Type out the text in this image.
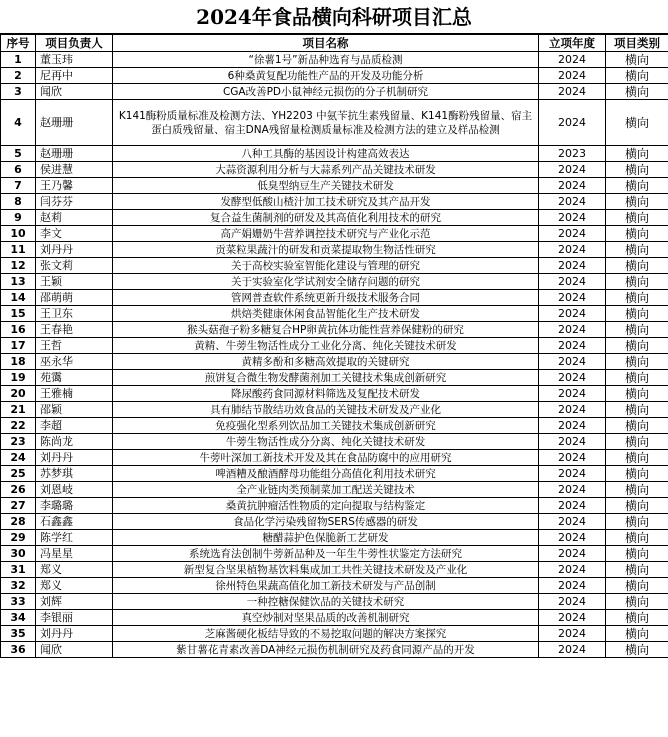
2024年食品横向科研项目汇总
序号	项目负责人	项目名称	立项年度	项目类别
1	董玉玮	“徐薯1号”新品种选育与品质检测	2024	横向
2	尼再中	6种桑黄复配功能性产品的开发及功能分析	2024	横向
3	闻欣	CGA改善PD小鼠神经元损伤的分子机制研究	2024	横向
4	赵珊珊	K141酶粉质量标准及检测方法、YH2203 中氨苄抗生素残留量、K141酶粉残留量、宿主蛋白质残留量、宿主DNA残留量检测质量标准及检测方法的建立及样品检测	2024	横向
5	赵珊珊	八种工具酶的基因设计构建高效表达	2023	横向
6	侯进慧	大蒜资源利用分析与大蒜系列产品关键技术研发	2024	横向
7	王乃馨	低臭型纳豆生产关键技术研发	2024	横向
8	闫芬芬	发酵型低酸山楂汁加工技术研究及其产品开发	2024	横向
9	赵莉	复合益生菌制剂的研发及其高值化利用技术的研究	2024	横向
10	李文	高产娟姗奶牛营养调控技术研究与产业化示范	2024	横向
11	刘丹丹	贡菜粒果蔬汁的研发和贡菜提取物生物活性研究	2024	横向
12	张文莉	关于高校实验室智能化建设与管理的研究	2024	横向
13	王颖	关于实验室化学试剂安全储存问题的研究	2024	横向
14	邵萌萌	管网普查软件系统更新升级技术服务合同	2024	横向
15	王卫东	烘焙类健康休闲食品智能化生产技术研发	2024	横向
16	王春艳	猴头菇孢子粉多糖复合HP卵黄抗体功能性营养保健粉的研究	2024	横向
17	王哲	黄精、牛蒡生物活性成分工业化分离、纯化关键技术研发	2024	横向
18	巫永华	黄精多酚和多糖高效提取的关键研究	2024	横向
19	苑霭	煎饼复合微生物发酵菌剂加工关键技术集成创新研究	2024	横向
20	王雅楠	降尿酸药食同源材料筛选及复配技术研发	2024	横向
21	邵颖	具有肺结节散结功效食品的关键技术研发及产业化	2024	横向
22	李超	免疫强化型系列饮品加工关键技术集成创新研究	2024	横向
23	陈尚龙	牛蒡生物活性成分分离、纯化关键技术研发	2024	横向
24	刘丹丹	牛蒡叶深加工新技术开发及其在食品防腐中的应用研究	2024	横向
25	苏梦琪	啤酒糟及酿酒酵母功能组分高值化利用技术研究	2024	横向
26	刘恩岐	全产业链肉类预制菜加工配送关键技术	2024	横向
27	李璐璐	桑黄抗肿瘤活性物质的定向提取与结构鉴定	2024	横向
28	石鑫鑫	食品化学污染残留物SERS传感器的研发	2024	横向
29	陈学红	糖醋蒜护色保脆新工艺研发	2024	横向
30	冯星星	系统选育法创制牛蒡新品种及一年生牛蒡性状鉴定方法研究	2024	横向
31	郑义	新型复合坚果植物基饮料集成加工共性关键技术研发及产业化	2024	横向
32	郑义	徐州特色果蔬高值化加工新技术研发与产品创制	2024	横向
33	刘辉	一种控糖保健饮品的关键技术研究	2024	横向
34	李银丽	真空炒制对坚果品质的改善机制研究	2024	横向
35	刘丹丹	芝麻酱硬化板结导致的不易挖取问题的解决方案探究	2024	横向
36	闻欣	紫甘薯花青素改善DA神经元损伤机制研究及药食同源产品的开发	2024	横向
